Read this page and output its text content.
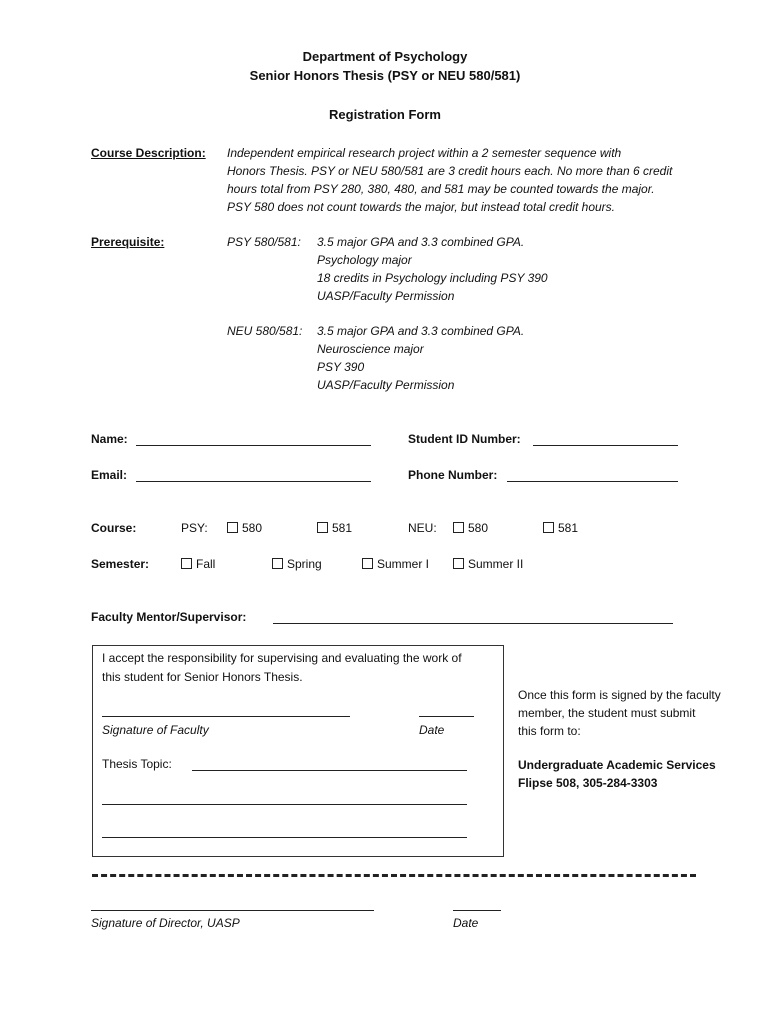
Department of Psychology
Senior Honors Thesis (PSY or NEU 580/581)
Registration Form
Course Description: Independent empirical research project within a 2 semester sequence with
Honors Thesis. PSY or NEU 580/581 are 3 credit hours each. No more than 6 credit
hours total from PSY 280, 380, 480, and 581 may be counted towards the major.
PSY 580 does not count towards the major, but instead total credit hours.
Prerequisite:	PSY 580/581: 3.5 major GPA and 3.3 combined GPA.
Psychology major
18 credits in Psychology including PSY 390
UASP/Faculty Permission
NEU 580/581: 3.5 major GPA and 3.3 combined GPA.
Neuroscience major
PSY 390
UASP/Faculty Permission
Name:	Student ID Number:
Email:	Phone Number:
Course:	PSY:	580	581	NEU:	580	581
Semester:	Fall	Spring	Summer I	Summer II
Faculty Mentor/Supervisor:
I accept the responsibility for supervising and evaluating the work of
this student for Senior Honors Thesis.
Signature of Faculty	Date
Thesis Topic:
Once this form is signed by the faculty
member, the student must submit
this form to:
Undergraduate Academic Services
Flipse 508, 305-284-3303
Signature of Director, UASP	Date
